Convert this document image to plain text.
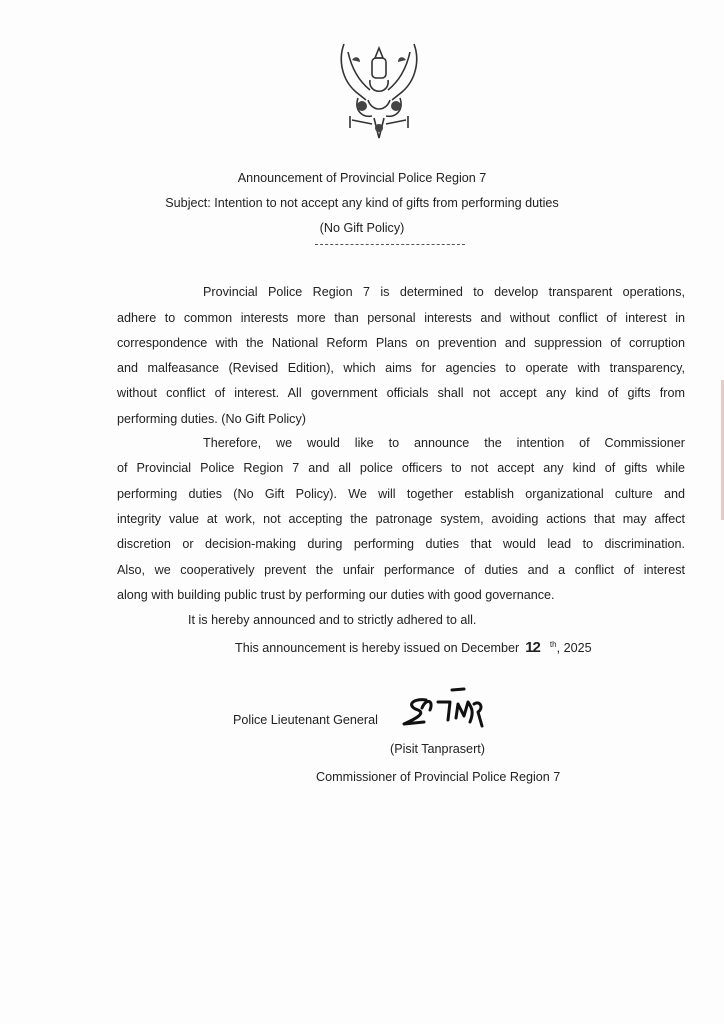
Announcement of Provincial Police Region 7
Subject: Intention to not accept any kind of gifts from performing duties
(No Gift Policy)
Provincial Police Region 7 is determined to develop transparent operations,
adhere to common interests more than personal interests and without conflict of interest in
correspondence with the National Reform Plans on prevention and suppression of corruption
and malfeasance (Revised Edition), which aims for agencies to operate with transparency,
without conflict of interest. All government officials shall not accept any kind of gifts from
performing duties. (No Gift Policy)
Therefore, we would like to announce the intention of Commissioner
of Provincial Police Region 7 and all police officers to not accept any kind of gifts while
performing duties (No Gift Policy). We will together establish organizational culture and
integrity value at work, not accepting the patronage system, avoiding actions that may affect
discretion or decision-making during performing duties that would lead to discrimination.
Also, we cooperatively prevent the unfair performance of duties and a conflict of interest
along with building public trust by performing our duties with good governance.
It is hereby announced and to strictly adhered to all.
This announcement is hereby issued on December 12 $^{th}$, 2025
Police Lieutenant General
(Pisit Tanprasert)
Commissioner of Provincial Police Region 7
